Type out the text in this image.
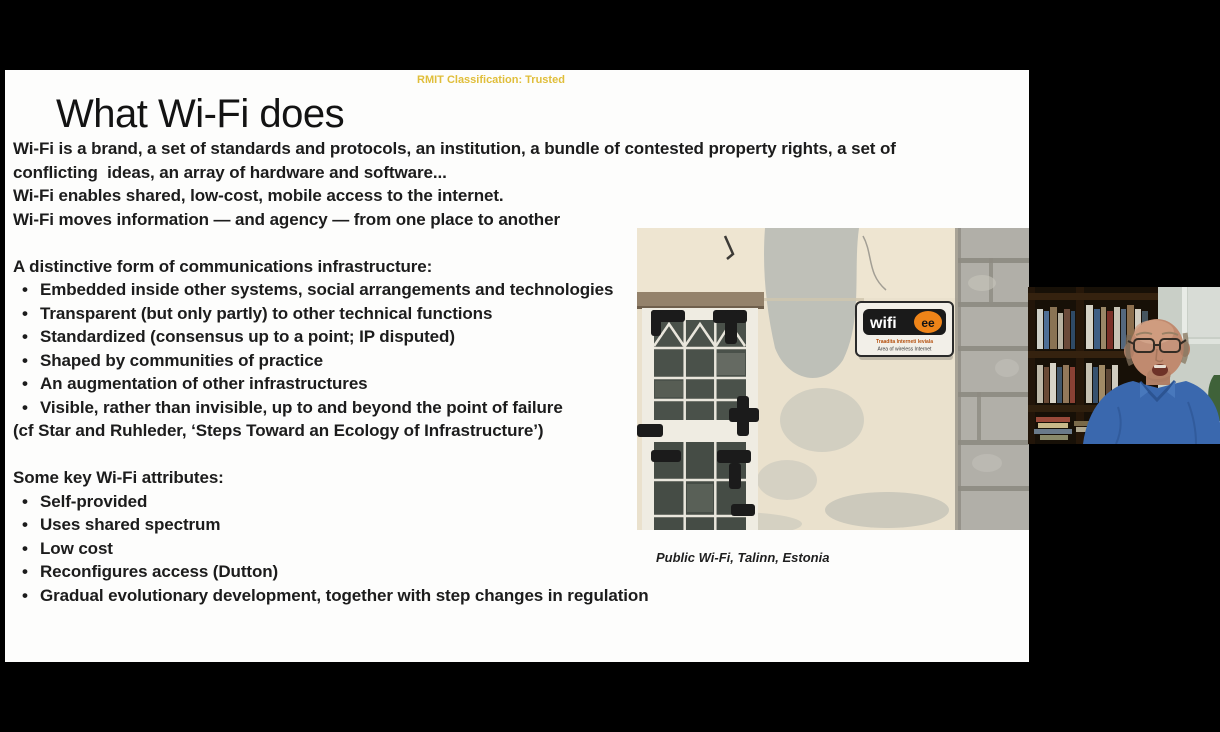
RMIT Classification: Trusted
What Wi-Fi does
Wi-Fi is a brand, a set of standards and protocols, an institution, a bundle of contested property rights, a set of
conflicting  ideas, an array of hardware and software...
Wi-Fi enables shared, low-cost, mobile access to the internet.
Wi-Fi moves information — and agency — from one place to another
A distinctive form of communications infrastructure:
• Embedded inside other systems, social arrangements and technologies
• Transparent (but only partly) to other technical functions
• Standardized (consensus up to a point; IP disputed)
• Shaped by communities of practice
• An augmentation of other infrastructures
• Visible, rather than invisible, up to and beyond the point of failure
(cf Star and Ruhleder, ‘Steps Toward an Ecology of Infrastructure’)
Some key Wi-Fi attributes:
• Self-provided
• Uses shared spectrum
• Low cost
• Reconfigures access (Dutton)
• Gradual evolutionary development, together with step changes in regulation
wifi ee
Traadita Interneti leviala
Area of wireless Internet
Public Wi-Fi, Talinn, Estonia
